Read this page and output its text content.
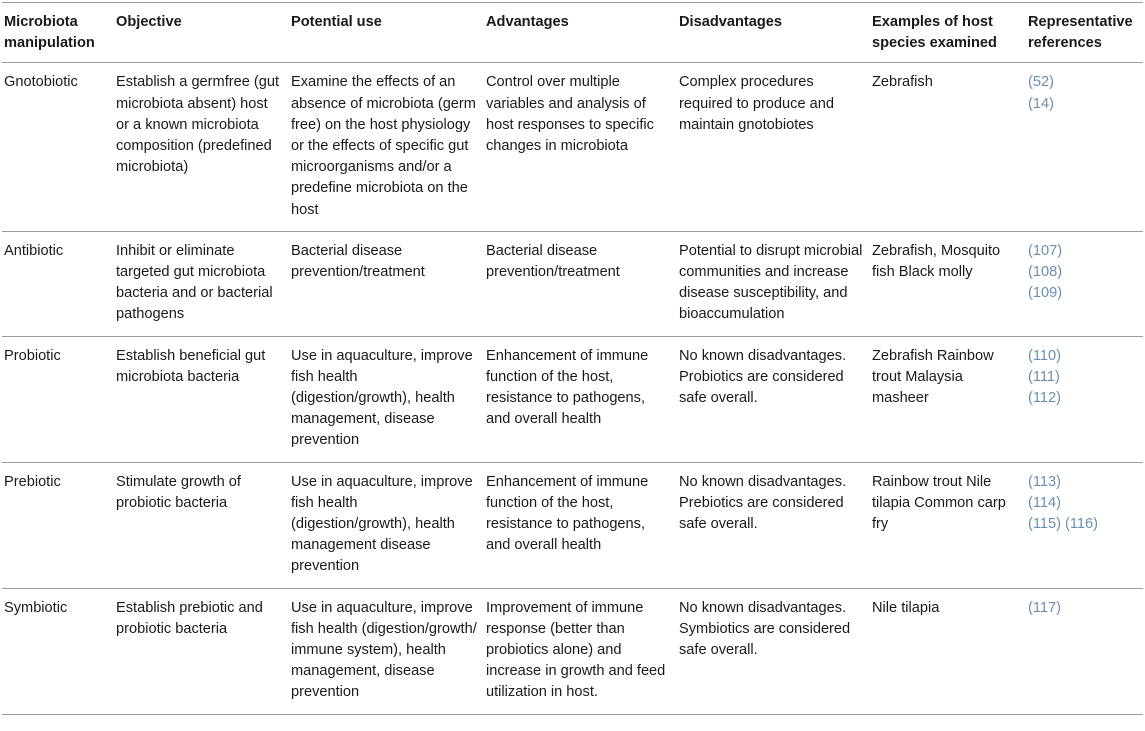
Microbiota manipulation	Objective	Potential use	Advantages	Disadvantages	Examples of host species examined	Representative references
Gnotobiotic	Establish a germfree (gut microbiota absent) host or a known microbiota composition (predefined microbiota)	Examine the effects of an absence of microbiota (germ free) on the host physiology or the effects of specific gut microorganisms and/or a predefine microbiota on the host	Control over multiple variables and analysis of host responses to specific changes in microbiota	Complex procedures required to produce and maintain gnotobiotes	Zebrafish	(52)
(14)

Antibiotic	Inhibit or eliminate targeted gut microbiota bacteria and or bacterial pathogens	Bacterial disease prevention/treatment	Bacterial disease prevention/treatment	Potential to disrupt microbial communities and increase disease susceptibility, and bioaccumulation	Zebrafish, Mosquito fish Black molly	(107)
(108)
(109)

Probiotic	Establish beneficial gut microbiota bacteria	Use in aquaculture, improve fish health (digestion/growth), health management, disease prevention	Enhancement of immune function of the host, resistance to pathogens, and overall health	No known disadvantages. Probiotics are considered safe overall.	Zebrafish Rainbow trout Malaysia masheer	(110)
(111)
(112)

Prebiotic	Stimulate growth of probiotic bacteria	Use in aquaculture, improve fish health (digestion/growth), health management disease prevention	Enhancement of immune function of the host, resistance to pathogens, and overall health	No known disadvantages. Prebiotics are considered safe overall.	Rainbow trout Nile tilapia Common carp fry	(113)
(114)
(115) (116)

Symbiotic	Establish prebiotic and probiotic bacteria	Use in aquaculture, improve fish health (digestion/growth/ immune system), health management, disease prevention	Improvement of immune response (better than probiotics alone) and increase in growth and feed utilization in host.	No known disadvantages. Symbiotics are considered safe overall.	Nile tilapia	(117)
